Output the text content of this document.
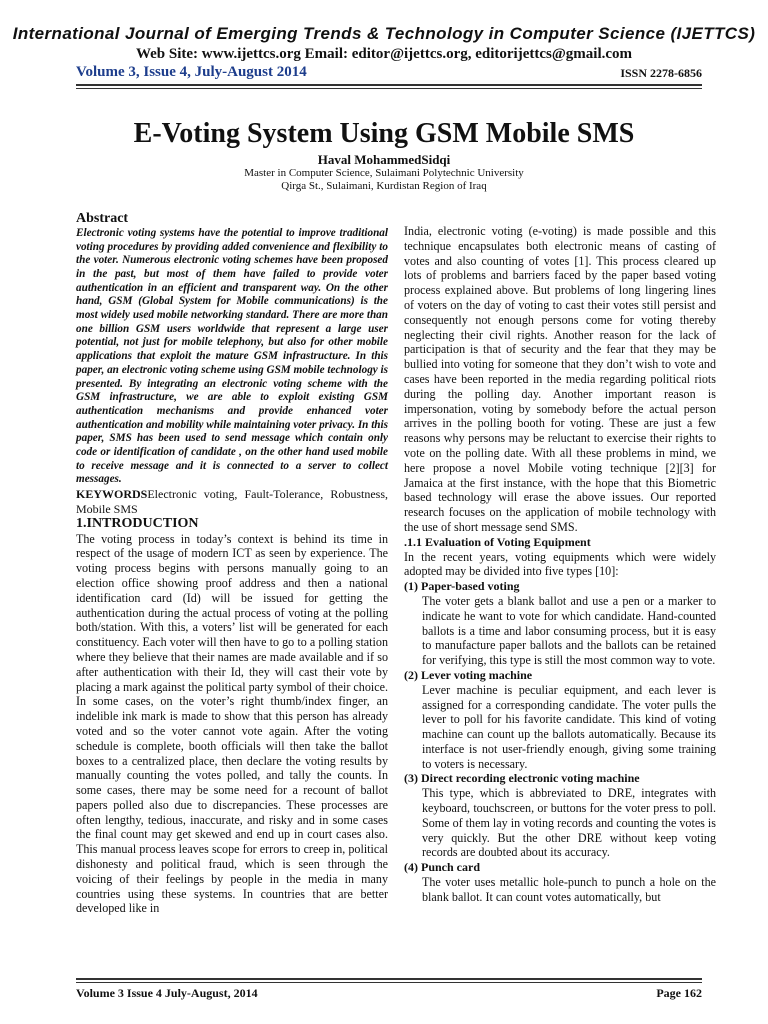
International Journal of Emerging Trends & Technology in Computer Science (IJETTCS)
Web Site: www.ijettcs.org Email: editor@ijettcs.org, editorijettcs@gmail.com
Volume 3, Issue 4, July-August 2014	ISSN 2278-6856
E-Voting System Using GSM Mobile SMS
Haval MohammedSidqi
Master in Computer Science, Sulaimani Polytechnic University
Qirga St., Sulaimani, Kurdistan Region of Iraq

Abstract

Electronic voting systems have the potential to improve traditional voting procedures by providing added convenience and flexibility to the voter. Numerous electronic voting schemes have been proposed in the past, but most of them have failed to provide voter authentication in an efficient and transparent way. On the other hand, GSM (Global System for Mobile communications) is the most widely used mobile networking standard. There are more than one billion GSM users worldwide that represent a large user potential, not just for mobile telephony, but also for other mobile applications that exploit the mature GSM infrastructure. In this paper, an electronic voting scheme using GSM mobile technology is presented. By integrating an electronic voting scheme with the GSM infrastructure, we are able to exploit existing GSM authentication mechanisms and provide enhanced voter authentication and mobility while maintaining voter privacy. In this paper, SMS has been used to send message which contain only code or identification of candidate , on the other hand used mobile to receive message and it is connected to a server to collect messages.

KEYWORDSElectronic voting, Fault-Tolerance, Robustness, Mobile SMS

1.INTRODUCTION

The voting process in today’s context is behind its time in respect of the usage of modern ICT as seen by experience. The voting process begins with persons manually going to an election office showing proof address and then a national identification card (Id) will be issued for getting the authentication during the actual process of voting at the polling both/station. With this, a voters’ list will be generated for each constituency. Each voter will then have to go to a polling station where they believe that their names are made available and if so after authentication with their Id, they will cast their vote by placing a mark against the political party symbol of their choice. In some cases, on the voter’s right thumb/index finger, an indelible ink mark is made to show that this person has already voted and so the voter cannot vote again. After the voting schedule is complete, booth officials will then take the ballot boxes to a centralized place, then declare the voting results by manually counting the votes polled, and tally the counts. In some cases, there may be some need for a recount of ballot papers polled also due to discrepancies. These processes are often lengthy, tedious, inaccurate, and risky and in some cases the final count may get skewed and end up in court cases also. This manual process leaves scope for errors to creep in, political dishonesty and political fraud, which is seen through the voicing of their feelings by people in the media in many countries using these systems. In countries that are better developed like in

India, electronic voting (e-voting) is made possible and this technique encapsulates both electronic means of casting of votes and also counting of votes [1]. This process cleared up lots of problems and barriers faced by the paper based voting process explained above. But problems of long lingering lines of voters on the day of voting to cast their votes still persist and consequently not enough persons come for voting thereby neglecting their civil rights. Another reason for the lack of participation is that of security and the fear that they may be bullied into voting for someone that they don’t wish to vote and cases have been reported in the media regarding political riots during the polling day. Another important reason is impersonation, voting by somebody before the actual person arrives in the polling booth for voting. These are just a few reasons why persons may be reluctant to exercise their rights to vote on the polling date. With all these problems in mind, we here propose a novel Mobile voting technique [2][3] for Jamaica at the first instance, with the hope that this Biometric based technology will erase the above issues. Our reported research focuses on the application of mobile technology with the use of short message send SMS.

.1.1 Evaluation of Voting Equipment

In the recent years, voting equipments which were widely adopted may be divided into five types [10]:

(1) Paper-based voting

The voter gets a blank ballot and use a pen or a marker to indicate he want to vote for which candidate. Hand-counted ballots is a time and labor consuming process, but it is easy to manufacture paper ballots and the ballots can be retained for verifying, this type is still the most common way to vote.

(2) Lever voting machine

Lever machine is peculiar equipment, and each lever is assigned for a corresponding candidate. The voter pulls the lever to poll for his favorite candidate. This kind of voting machine can count up the ballots automatically. Because its interface is not user-friendly enough, giving some training to voters is necessary.

(3) Direct recording electronic voting machine

This type, which is abbreviated to DRE, integrates with keyboard, touchscreen, or buttons for the voter press to poll. Some of them lay in voting records and counting the votes is very quickly. But the other DRE without keep voting records are doubted about its accuracy.

(4) Punch card

The voter uses metallic hole-punch to punch a hole on the blank ballot. It can count votes automatically, but

Volume 3 Issue 4 July-August, 2014	Page 162
